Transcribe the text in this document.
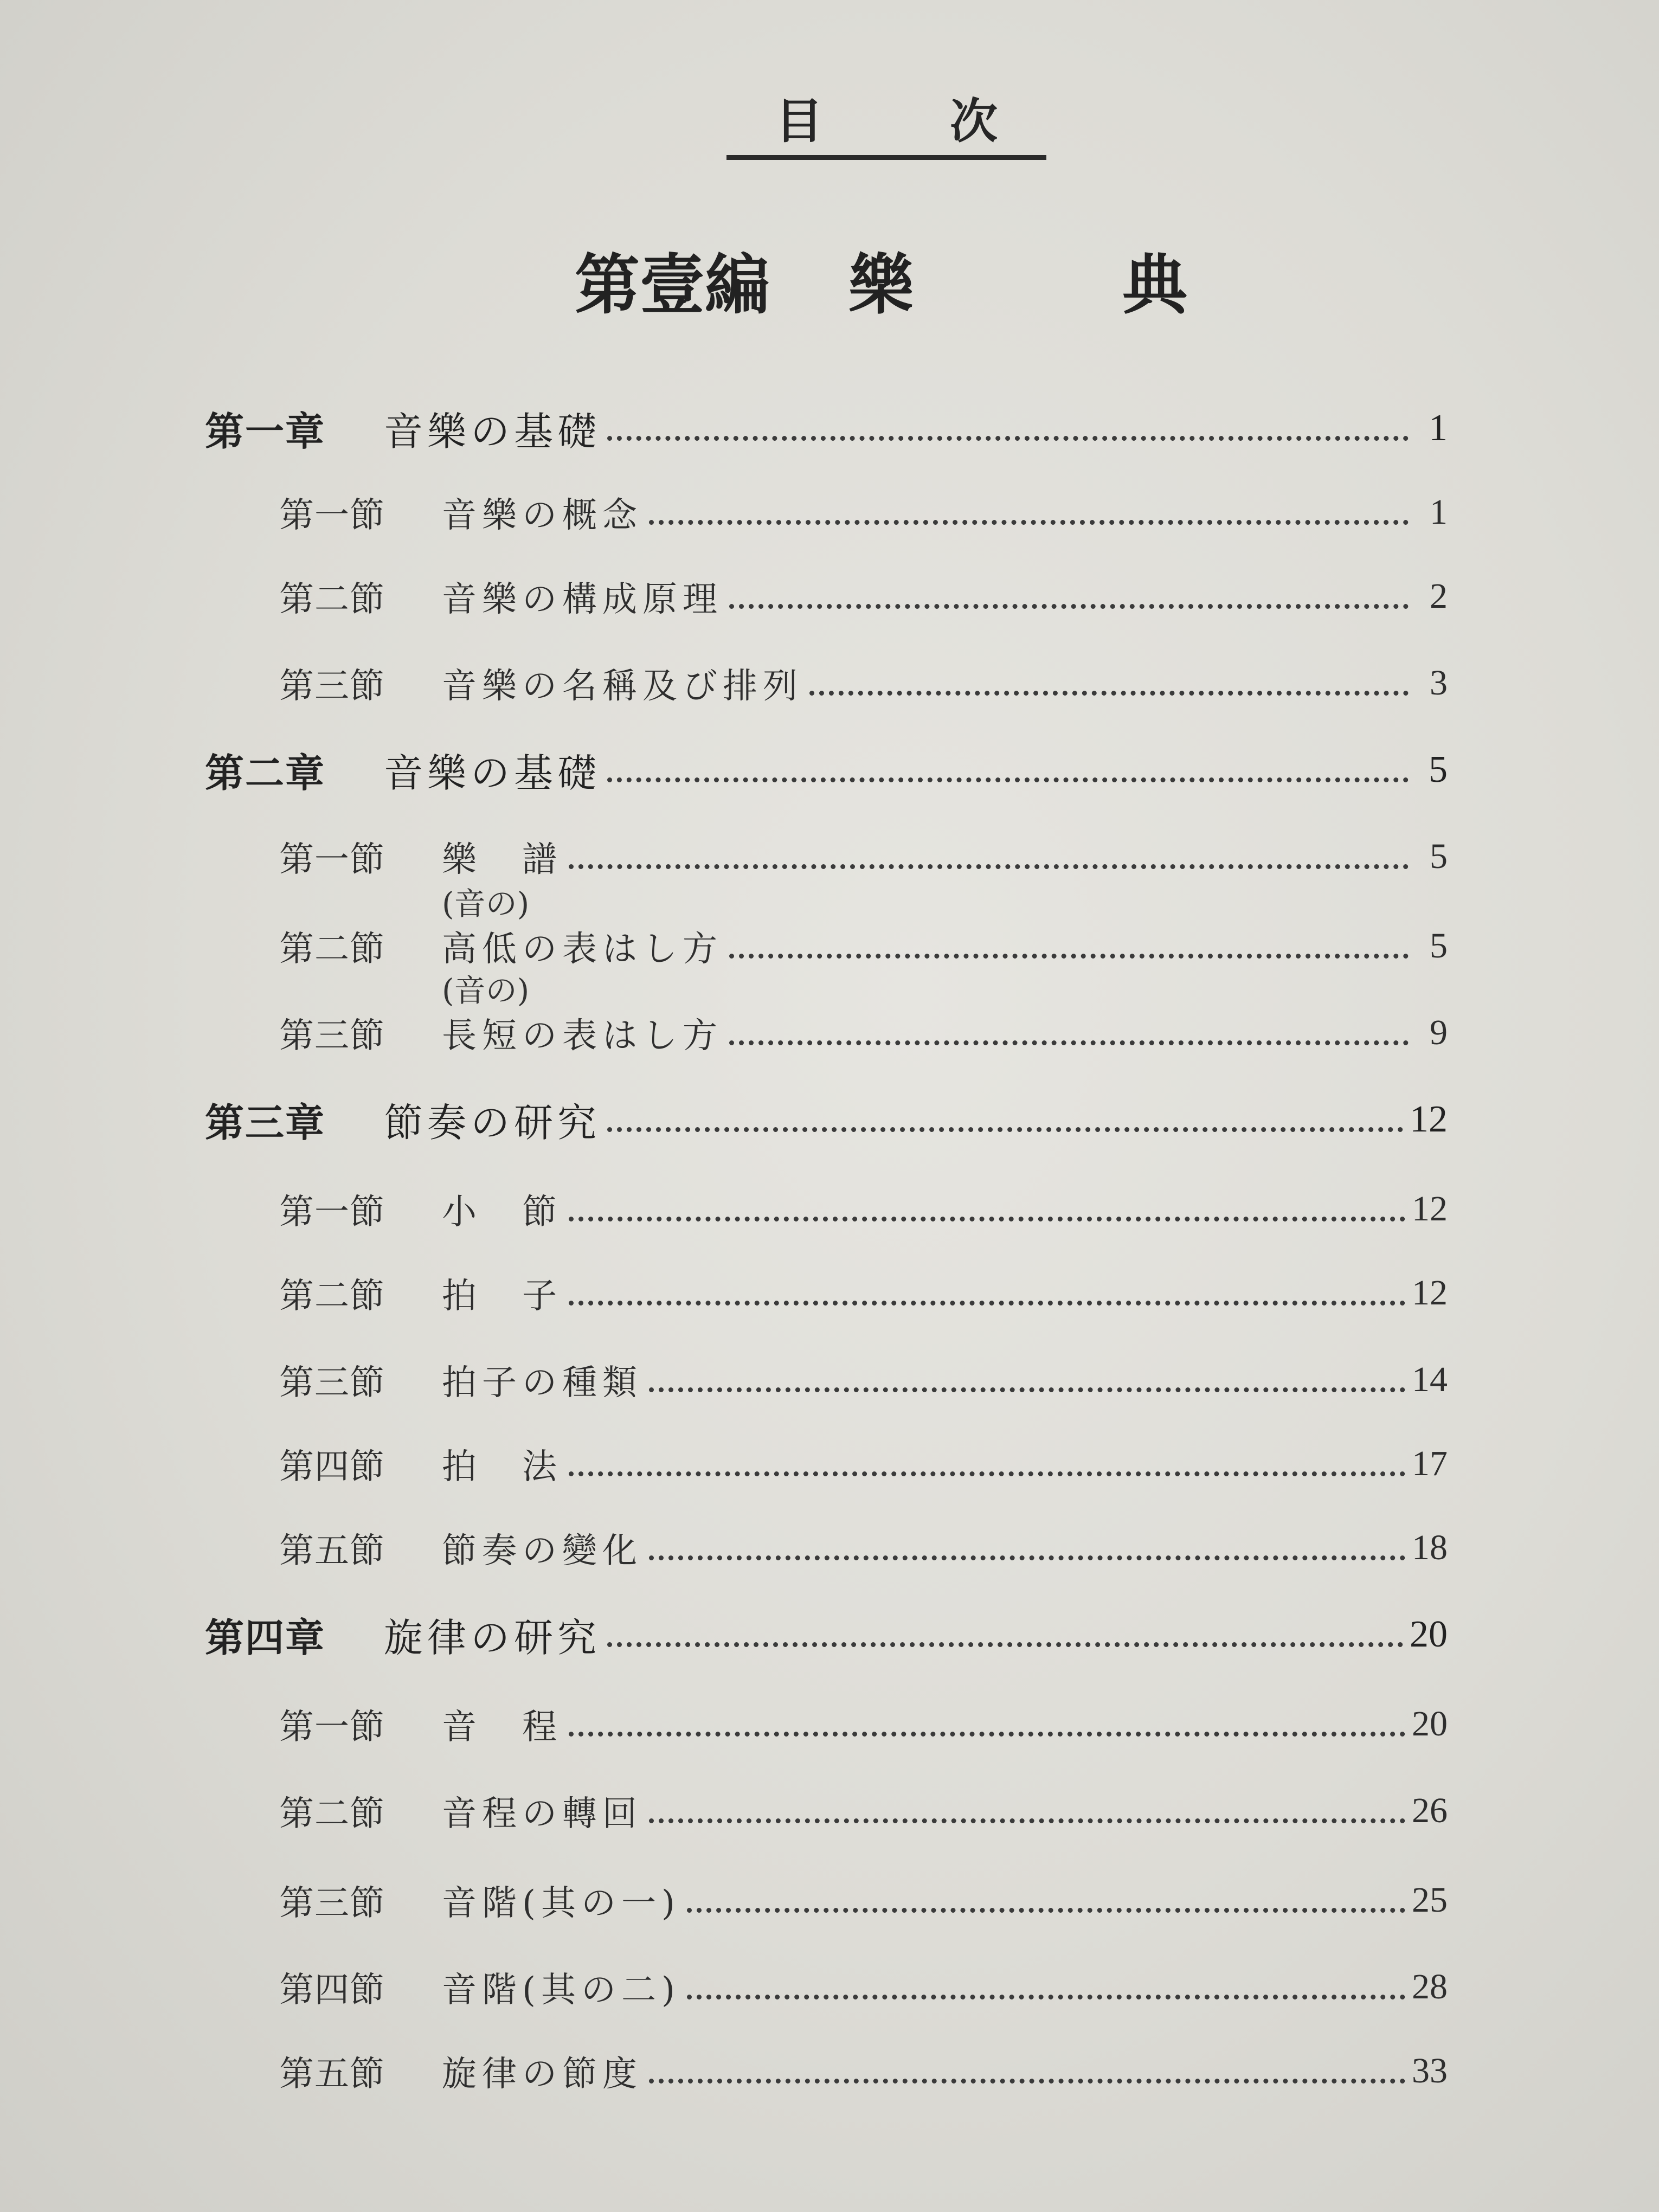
目	次
第壹編 樂	典
第一章	音樂の基礎	1
第一節	音樂の概念	1
第二節	音樂の構成原理	2
第三節	音樂の名稱及び排列	3
第二章	音樂の基礎	5
第一節	樂　譜	5
(音の)
第二節	高低の表はし方	5
(音の)
第三節	長短の表はし方	9
第三章	節奏の研究	12
第一節	小　節	12
第二節	拍　子	12
第三節	拍子の種類	14
第四節	拍　法	17
第五節	節奏の變化	18
第四章	旋律の研究	20
第一節	音　程	20
第二節	音程の轉回	26
第三節	音階(其の一)	25
第四節	音階(其の二)	28
第五節	旋律の節度	33
